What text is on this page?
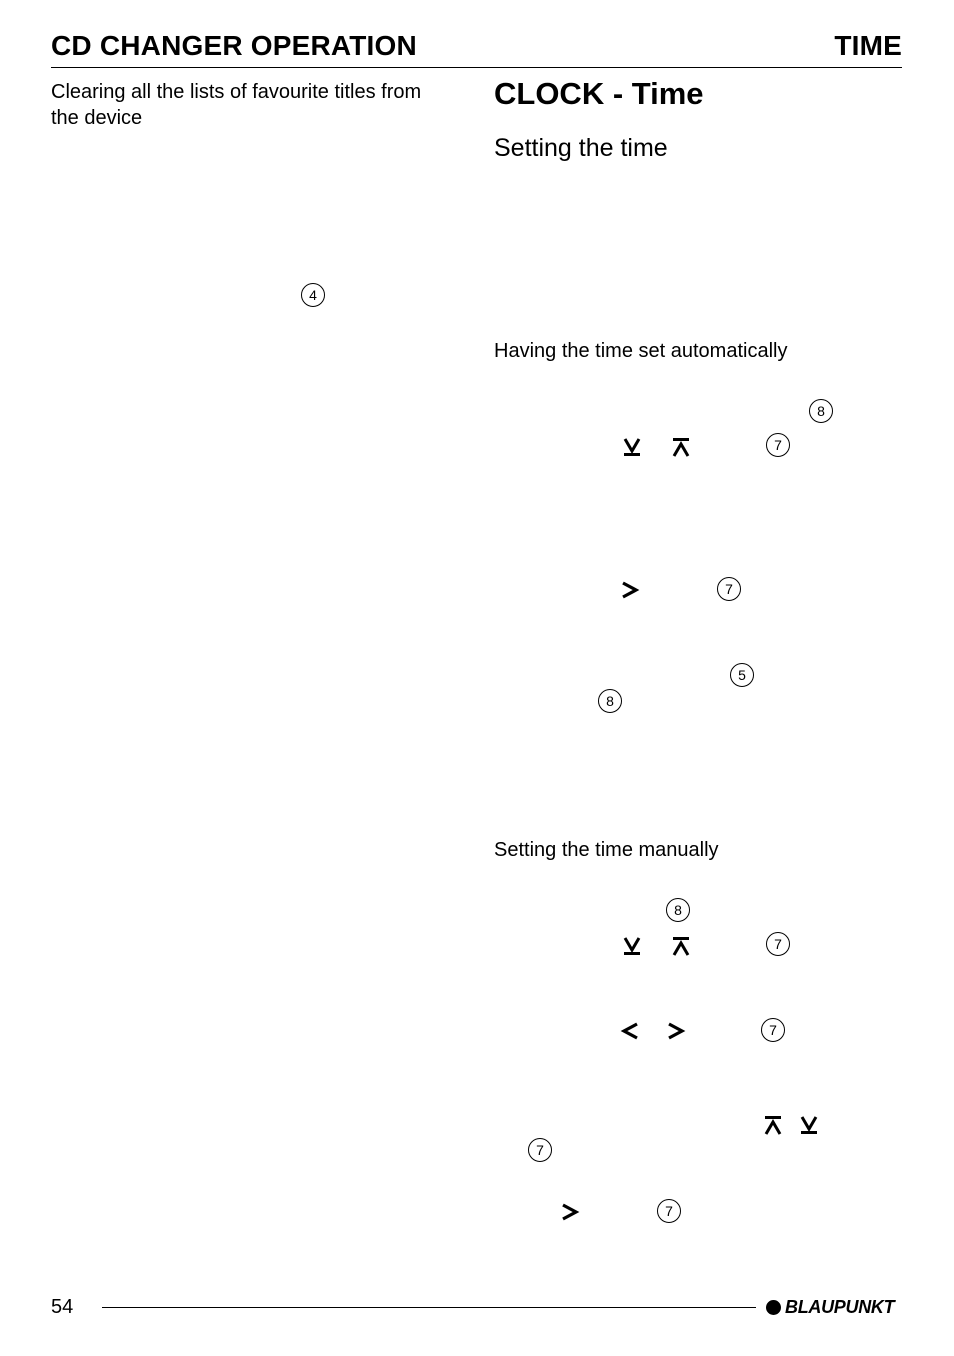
CD CHANGER OPERATION	TIME
Clearing all the lists of favourite titles from the device
4
CLOCK - Time
Setting the time
Having the time set automatically
8
7
7
5
8
Setting the time manually
8
7
7
7
7
54	BLAUPUNKT
